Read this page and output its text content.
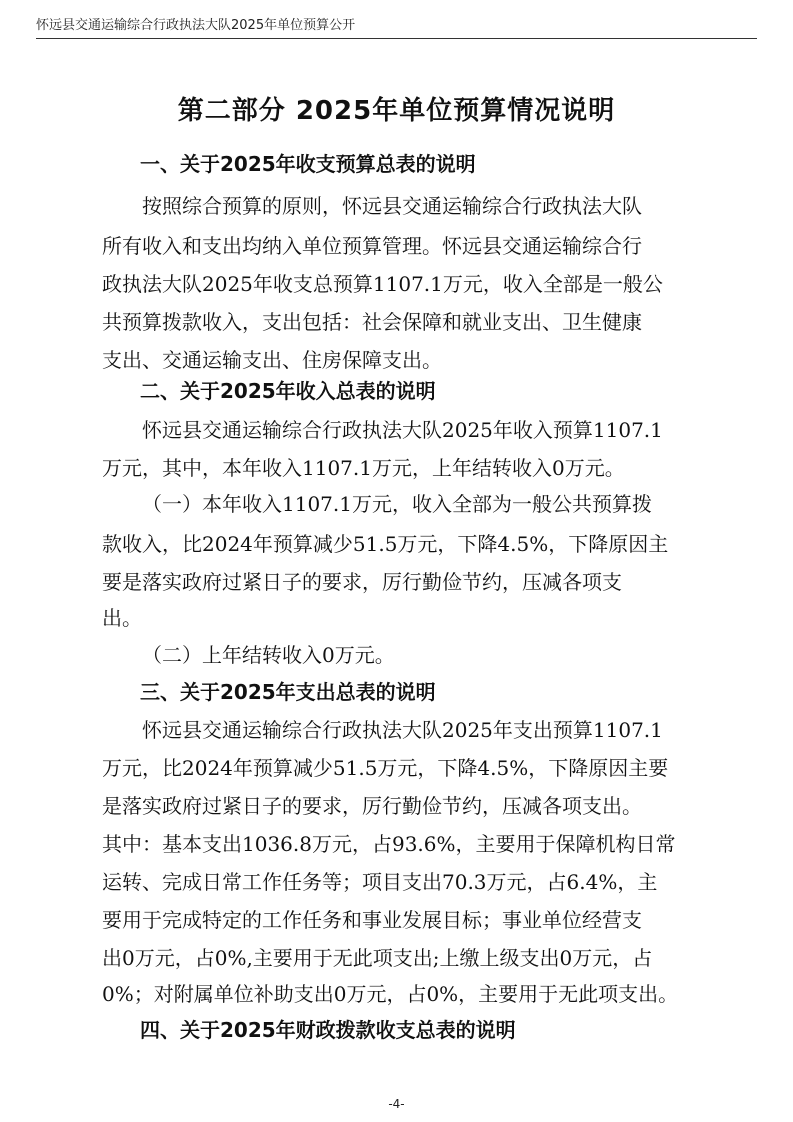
怀远县交通运输综合行政执法大队2025年单位预算公开
第二部分 2025年单位预算情况说明
一、关于2025年收支预算总表的说明
按照综合预算的原则，怀远县交通运输综合行政执法大队
所有收入和支出均纳入单位预算管理。怀远县交通运输综合行
政执法大队2025年收支总预算1107.1万元，收入全部是一般公
共预算拨款收入，支出包括：社会保障和就业支出、卫生健康
支出、交通运输支出、住房保障支出。
二、关于2025年收入总表的说明
怀远县交通运输综合行政执法大队2025年收入预算1107.1
万元，其中，本年收入1107.1万元，上年结转收入0万元。
（一）本年收入1107.1万元，收入全部为一般公共预算拨
款收入，比2024年预算减少51.5万元，下降4.5%，下降原因主
要是落实政府过紧日子的要求，厉行勤俭节约，压减各项支
出。
（二）上年结转收入0万元。
三、关于2025年支出总表的说明
怀远县交通运输综合行政执法大队2025年支出预算1107.1
万元，比2024年预算减少51.5万元，下降4.5%，下降原因主要
是落实政府过紧日子的要求，厉行勤俭节约，压减各项支出。
其中：基本支出1036.8万元，占93.6%，主要用于保障机构日常
运转、完成日常工作任务等；项目支出70.3万元，占6.4%，主
要用于完成特定的工作任务和事业发展目标；事业单位经营支
出0万元，占0%,主要用于无此项支出;上缴上级支出0万元，占
0%；对附属单位补助支出0万元，占0%，主要用于无此项支出。
四、关于2025年财政拨款收支总表的说明
-4-
